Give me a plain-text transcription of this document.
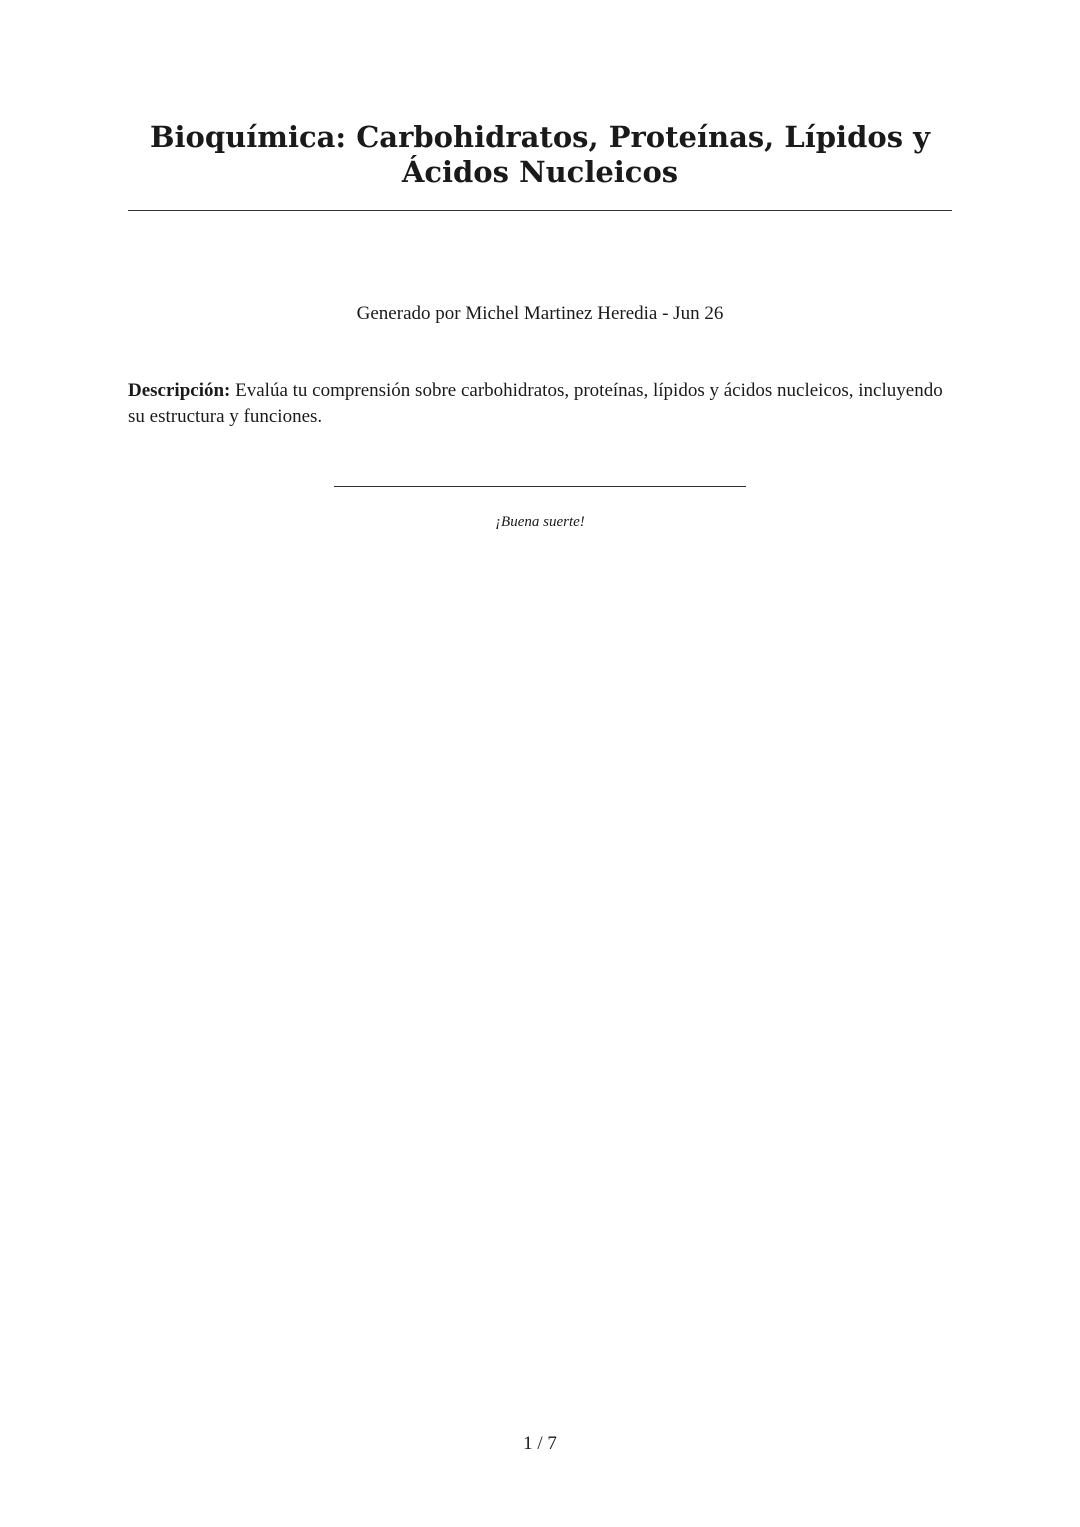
Bioquímica: Carbohidratos, Proteínas, Lípidos y Ácidos Nucleicos
Generado por Michel Martinez Heredia - Jun 26
Descripción: Evalúa tu comprensión sobre carbohidratos, proteínas, lípidos y ácidos nucleicos, incluyendo su estructura y funciones.
¡Buena suerte!
1 / 7
